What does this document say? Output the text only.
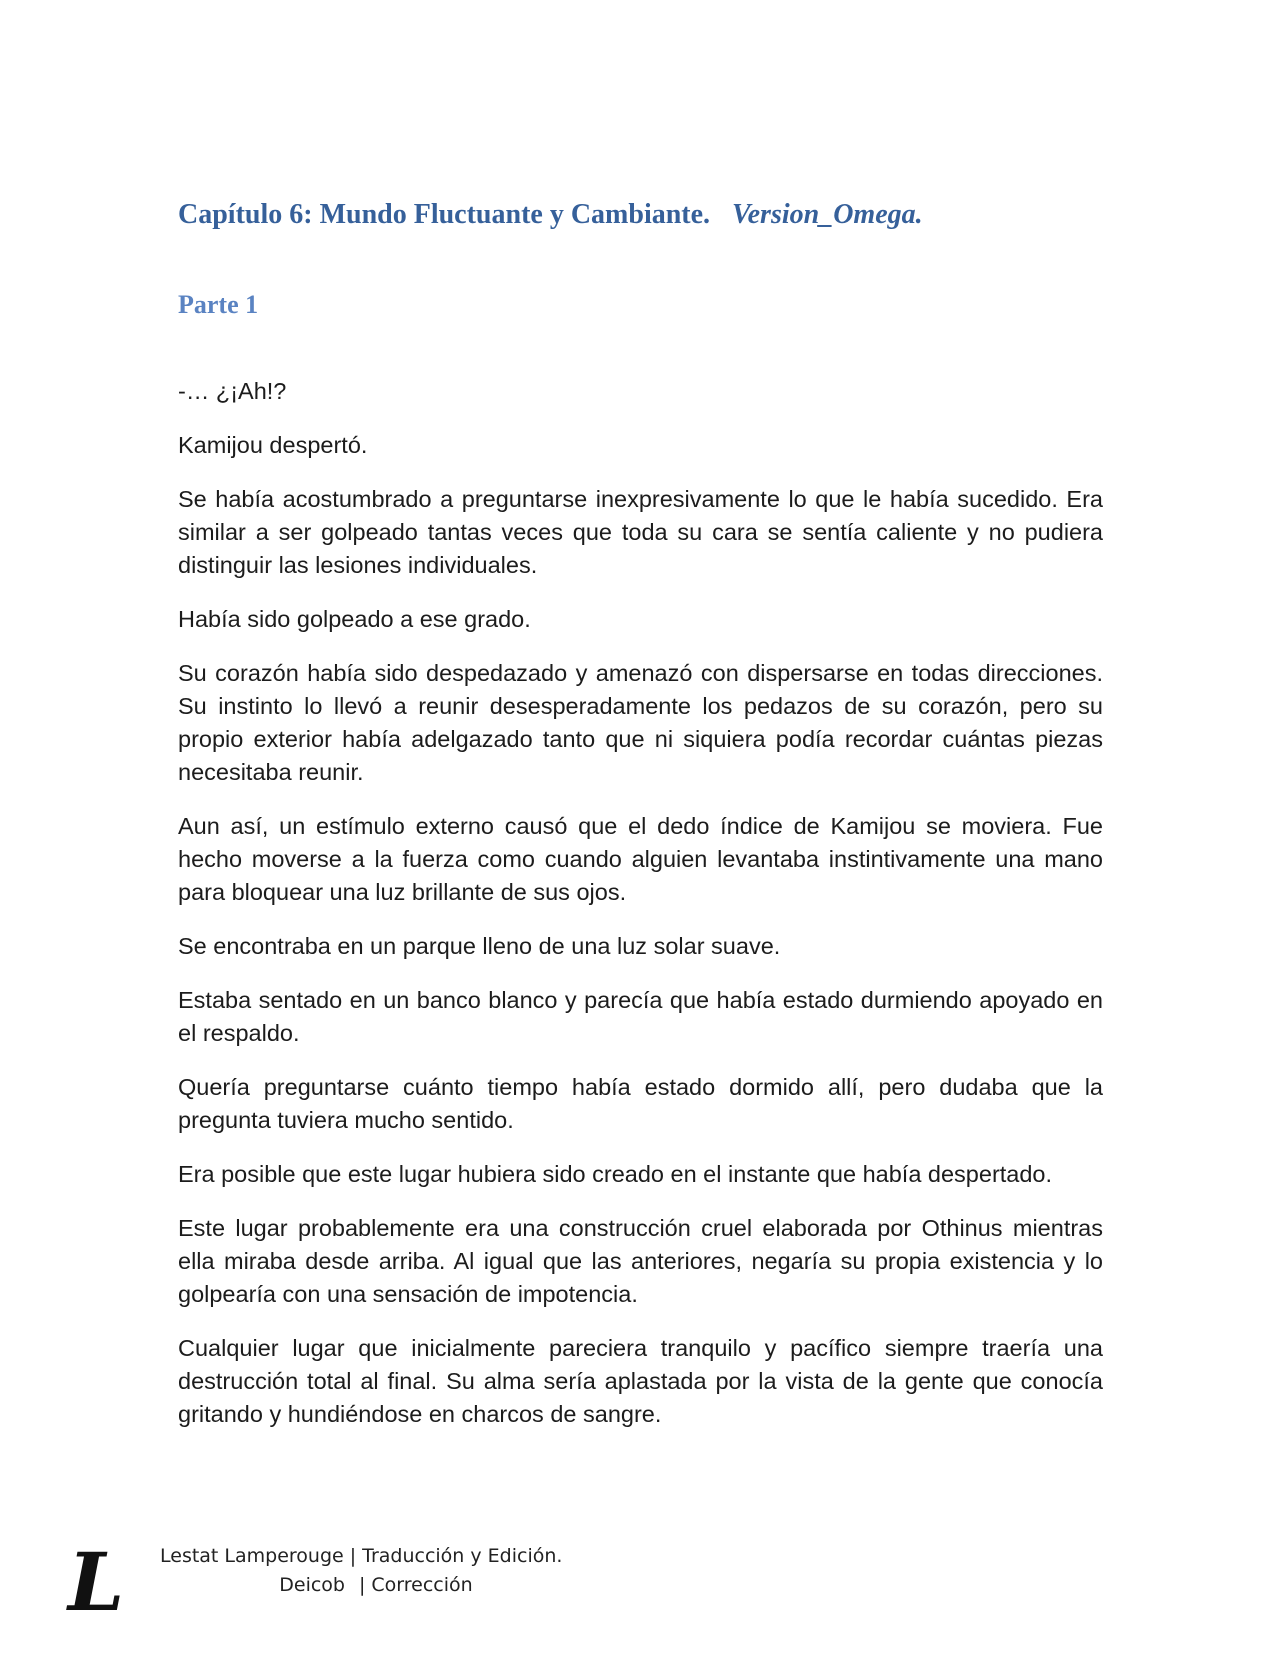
Capítulo 6: Mundo Fluctuante y Cambiante. Version_Omega.
Parte 1

-… ¿¡Ah!?

Kamijou despertó.

Se había acostumbrado a preguntarse inexpresivamente lo que le había sucedido. Era similar a ser golpeado tantas veces que toda su cara se sentía caliente y no pudiera distinguir las lesiones individuales.

Había sido golpeado a ese grado.

Su corazón había sido despedazado y amenazó con dispersarse en todas direcciones. Su instinto lo llevó a reunir desesperadamente los pedazos de su corazón, pero su propio exterior había adelgazado tanto que ni siquiera podía recordar cuántas piezas necesitaba reunir.

Aun así, un estímulo externo causó que el dedo índice de Kamijou se moviera. Fue hecho moverse a la fuerza como cuando alguien levantaba instintivamente una mano para bloquear una luz brillante de sus ojos.

Se encontraba en un parque lleno de una luz solar suave.

Estaba sentado en un banco blanco y parecía que había estado durmiendo apoyado en el respaldo.

Quería preguntarse cuánto tiempo había estado dormido allí, pero dudaba que la pregunta tuviera mucho sentido.

Era posible que este lugar hubiera sido creado en el instante que había despertado.

Este lugar probablemente era una construcción cruel elaborada por Othinus mientras ella miraba desde arriba. Al igual que las anteriores, negaría su propia existencia y lo golpearía con una sensación de impotencia.

Cualquier lugar que inicialmente pareciera tranquilo y pacífico siempre traería una destrucción total al final. Su alma sería aplastada por la vista de la gente que conocía gritando y hundiéndose en charcos de sangre.

L Lestat Lamperouge | Traducción y Edición.
Deicob | Corrección
